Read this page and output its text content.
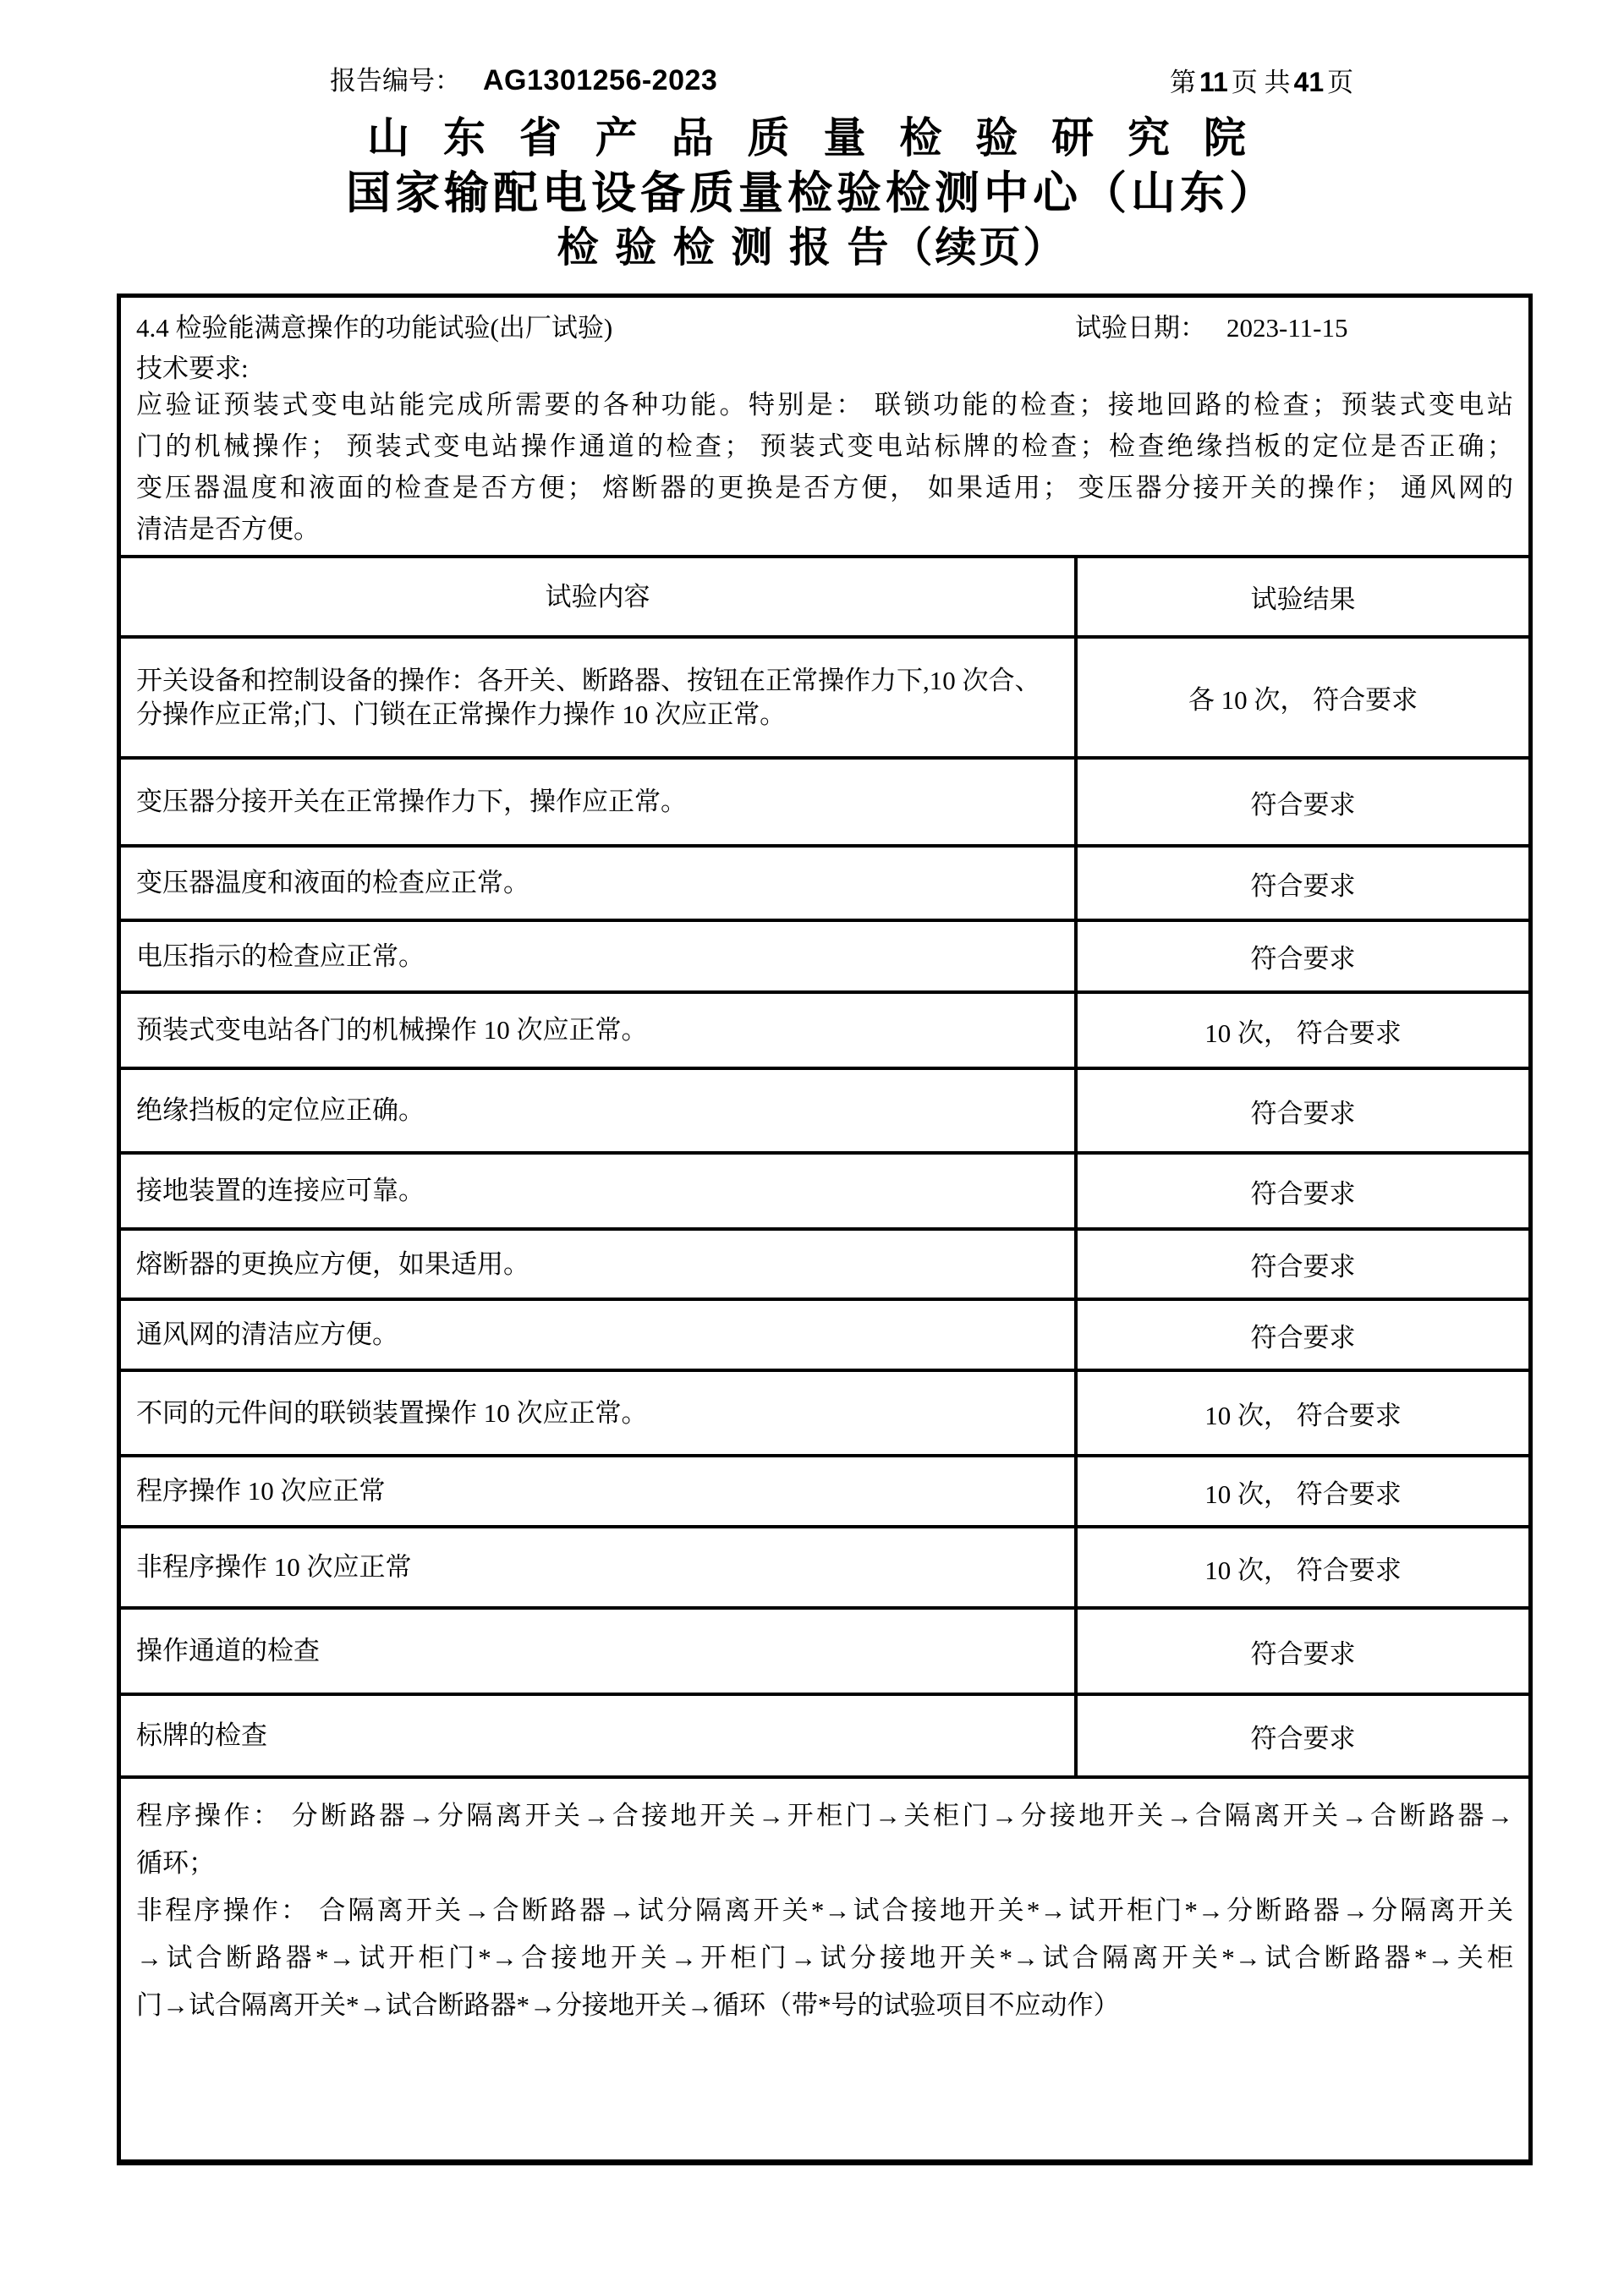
报告编号： AG1301256-2023	第 11 页 共 41 页
山 东 省 产 品 质 量 检 验 研 究 院
国家输配电设备质量检验检测中心（山东）
检 验 检 测 报 告（续页）
4.4 检验能满意操作的功能试验(出厂试验)	试验日期： 2023-11-15
技术要求:
应验证预装式变电站能完成所需要的各种功能。特别是： 联锁功能的检查；接地回路的检查；预装式变电站
门的机械操作； 预装式变电站操作通道的检查； 预装式变电站标牌的检查；检查绝缘挡板的定位是否正确；
变压器温度和液面的检查是否方便； 熔断器的更换是否方便， 如果适用； 变压器分接开关的操作； 通风网的
清洁是否方便。
试验内容	试验结果
开关设备和控制设备的操作：各开关、断路器、按钮在正常操作力下,10 次合、分操作应正常;门、门锁在正常操作力操作 10 次应正常。	各 10 次， 符合要求
变压器分接开关在正常操作力下，操作应正常。	符合要求
变压器温度和液面的检查应正常。	符合要求
电压指示的检查应正常。	符合要求
预装式变电站各门的机械操作 10 次应正常。	10 次， 符合要求
绝缘挡板的定位应正确。	符合要求
接地装置的连接应可靠。	符合要求
熔断器的更换应方便，如果适用。	符合要求
通风网的清洁应方便。	符合要求
不同的元件间的联锁装置操作 10 次应正常。	10 次， 符合要求
程序操作 10 次应正常	10 次， 符合要求
非程序操作 10 次应正常	10 次， 符合要求
操作通道的检查	符合要求
标牌的检查	符合要求
程序操作： 分断路器→分隔离开关→合接地开关→开柜门→关柜门→分接地开关→合隔离开关→合断路器→
循环；
非程序操作： 合隔离开关→合断路器→试分隔离开关*→试合接地开关*→试开柜门*→分断路器→分隔离开关
→试合断路器*→试开柜门*→合接地开关→开柜门→试分接地开关*→试合隔离开关*→试合断路器*→关柜
门→试合隔离开关*→试合断路器*→分接地开关→循环（带*号的试验项目不应动作）
